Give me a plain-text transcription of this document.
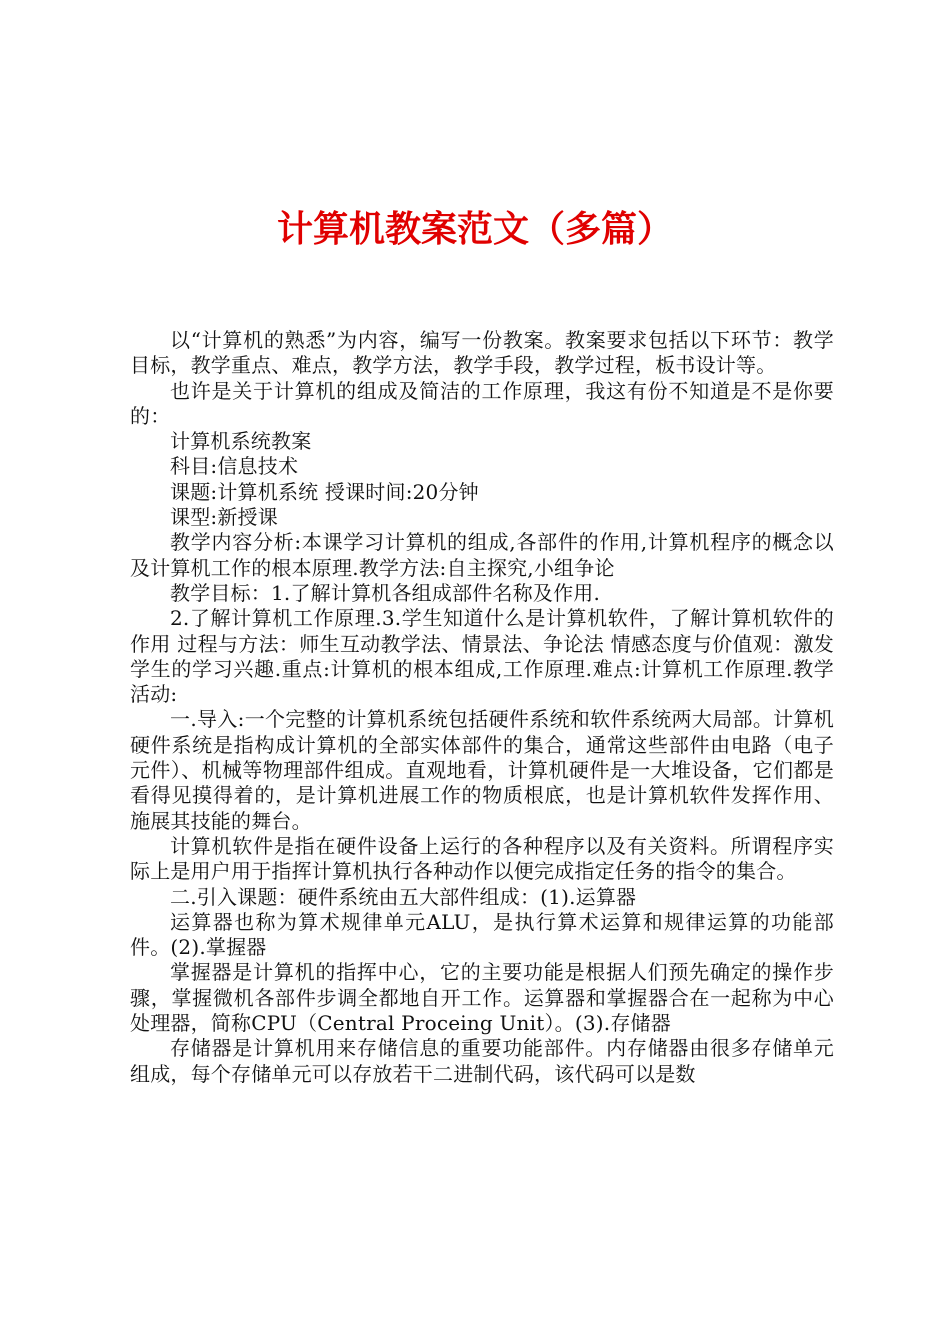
计算机教案范文（多篇）

以“计算机的熟悉”为内容，编写一份教案。教案要求包括以下环节：教学目标，教学重点、难点，教学方法，教学手段，教学过程，板书设计等。

也许是关于计算机的组成及简洁的工作原理，我这有份不知道是不是你要的：

计算机系统教案

科目:信息技术

课题:计算机系统 授课时间:20分钟

课型:新授课

教学内容分析:本课学习计算机的组成,各部件的作用,计算机程序的概念以及计算机工作的根本原理.教学方法:自主探究,小组争论

教学目标：1.了解计算机各组成部件名称及作用.

2.了解计算机工作原理.3.学生知道什么是计算机软件，了解计算机软件的作用 过程与方法：师生互动教学法、情景法、争论法 情感态度与价值观：激发学生的学习兴趣.重点:计算机的根本组成,工作原理.难点:计算机工作原理.教学活动:

一.导入:一个完整的计算机系统包括硬件系统和软件系统两大局部。计算机硬件系统是指构成计算机的全部实体部件的集合，通常这些部件由电路（电子元件）、机械等物理部件组成。直观地看，计算机硬件是一大堆设备，它们都是看得见摸得着的，是计算机进展工作的物质根底，也是计算机软件发挥作用、施展其技能的舞台。

计算机软件是指在硬件设备上运行的各种程序以及有关资料。所谓程序实际上是用户用于指挥计算机执行各种动作以便完成指定任务的指令的集合。

二.引入课题：硬件系统由五大部件组成：(1).运算器

运算器也称为算术规律单元ALU，是执行算术运算和规律运算的功能部件。(2).掌握器

掌握器是计算机的指挥中心，它的主要功能是根据人们预先确定的操作步骤，掌握微机各部件步调全都地自开工作。运算器和掌握器合在一起称为中心处理器，简称CPU（Central Proceing Unit）。(3).存储器

存储器是计算机用来存储信息的重要功能部件。内存储器由很多存储单元组成，每个存储单元可以存放若干二进制代码，该代码可以是数
